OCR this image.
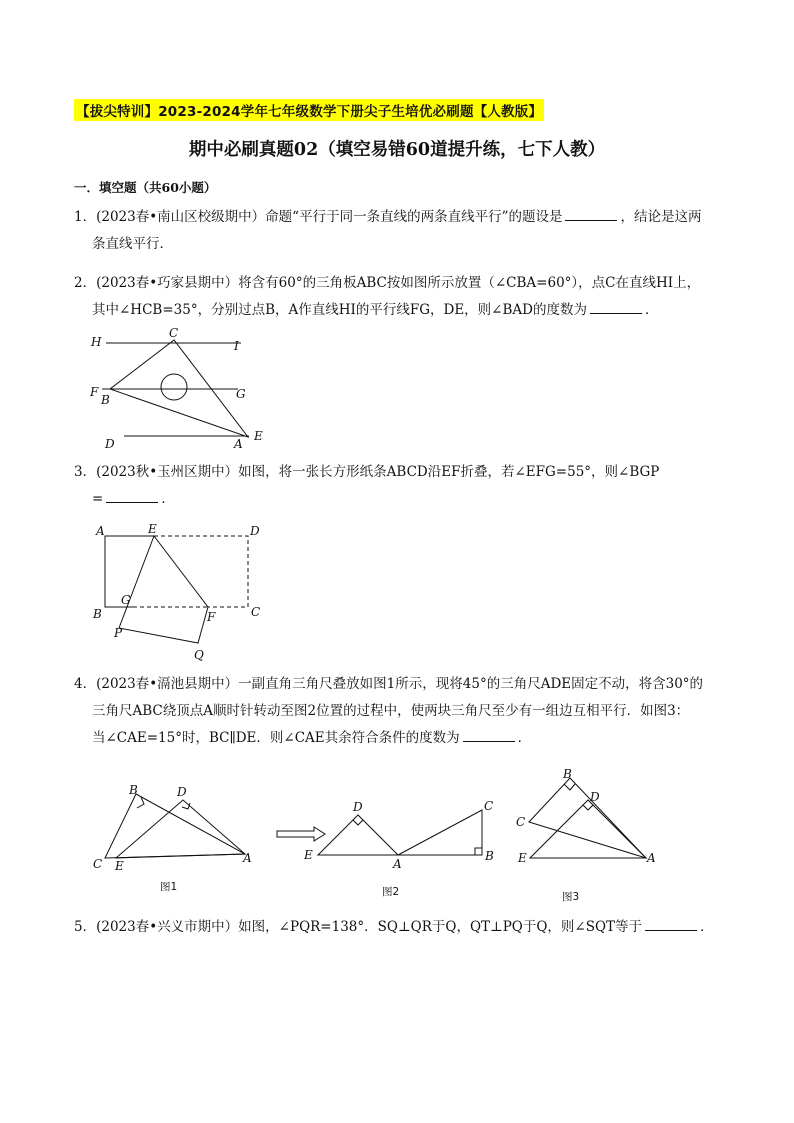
【拔尖特训】2023-2024学年七年级数学下册尖子生培优必刷题【人教版】
期中必刷真题02（填空易错60道提升练，七下人教）
一．填空题（共60小题）

1．(2023春•南山区校级期中）命题“平行于同一条直线的两条直线平行”的题设是	，结论是这两

条直线平行．

2．(2023春•巧家县期中）将含有60°的三角板ABC按如图所示放置（∠CBA=60°），点C在直线HI上，

其中∠HCB=35°，分别过点B，A作直线HI的平行线FG，DE，则∠BAD的度数为	．

H
C
I
F
B	G
D	A
E

3．(2023秋•玉州区期中）如图，将一张长方形纸条ABCD沿EF折叠，若∠EFG=55°，则∠BGP

=	．

A	E	D
B
G
F	C
P
Q

4．(2023春•滆池县期中）一副直角三角尺叠放如图1所示，现将45°的三角尺ADE固定不动，将含30°的

三角尺ABC绕顶点A顺时针转动至图2位置的过程中，使两块三角尺至少有一组边互相平行．如图3：

当∠CAE=15°时，BC∥DE．则∠CAE其余符合条件的度数为	．

B	D
C E
A
图1
D	C
E
A
B
图2
B
D
C
E	A
图3

5．(2023春•兴义市期中）如图，∠PQR=138°．SQ⊥QR于Q，QT⊥PQ于Q，则∠SQT等于	．
